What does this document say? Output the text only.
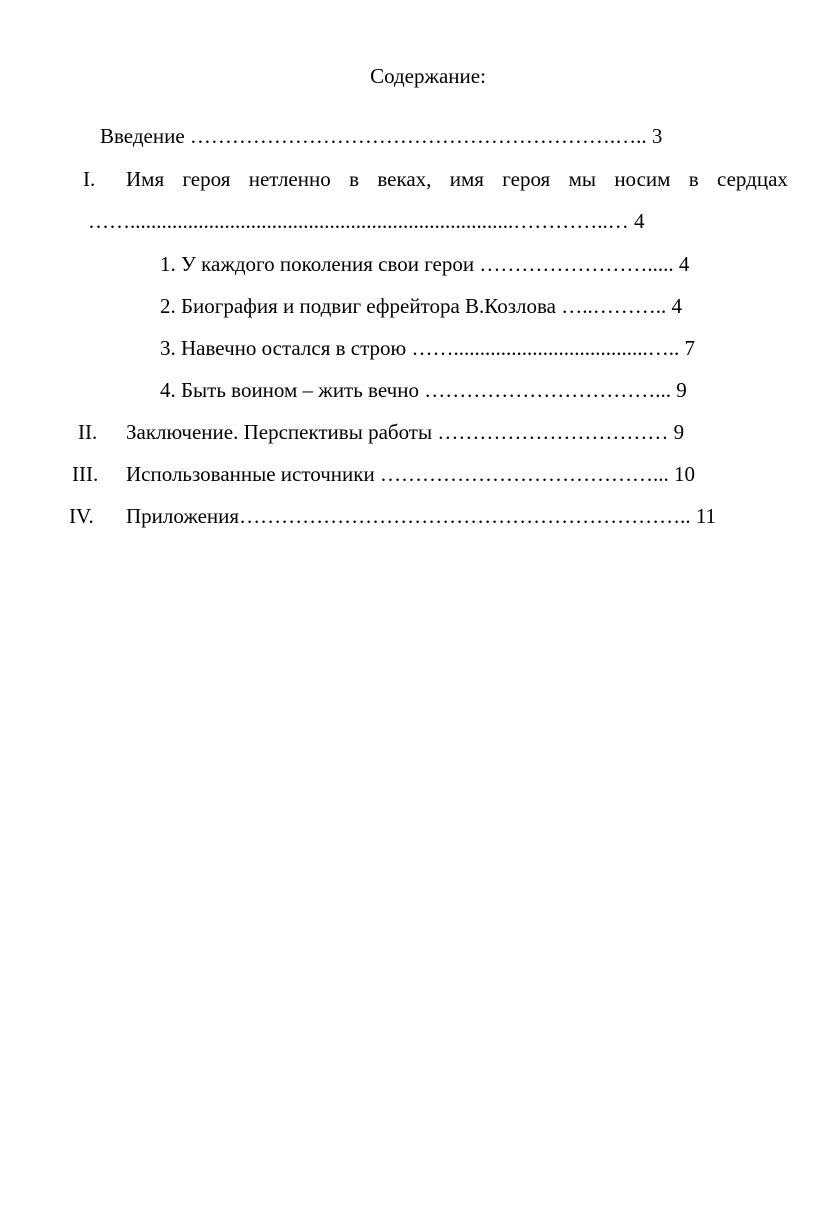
Содержание:
Введение …………………………………………………….….. 3
I. Имя героя нетленно в веках, имя героя мы носим в сердцах
…….........................................................................…………..… 4
1. У каждого поколения свои герои ……………………..... 4
2. Биография и подвиг ефрейтора В.Козлова …..……….. 4
3. Навечно остался в строю …….....................................….. 7
4. Быть воином – жить вечно ……………………………... 9
II. Заключение. Перспективы работы …………………………… 9
III. Использованные источники …………………………………... 10
IV. Приложения……………………………………………………….. 11
